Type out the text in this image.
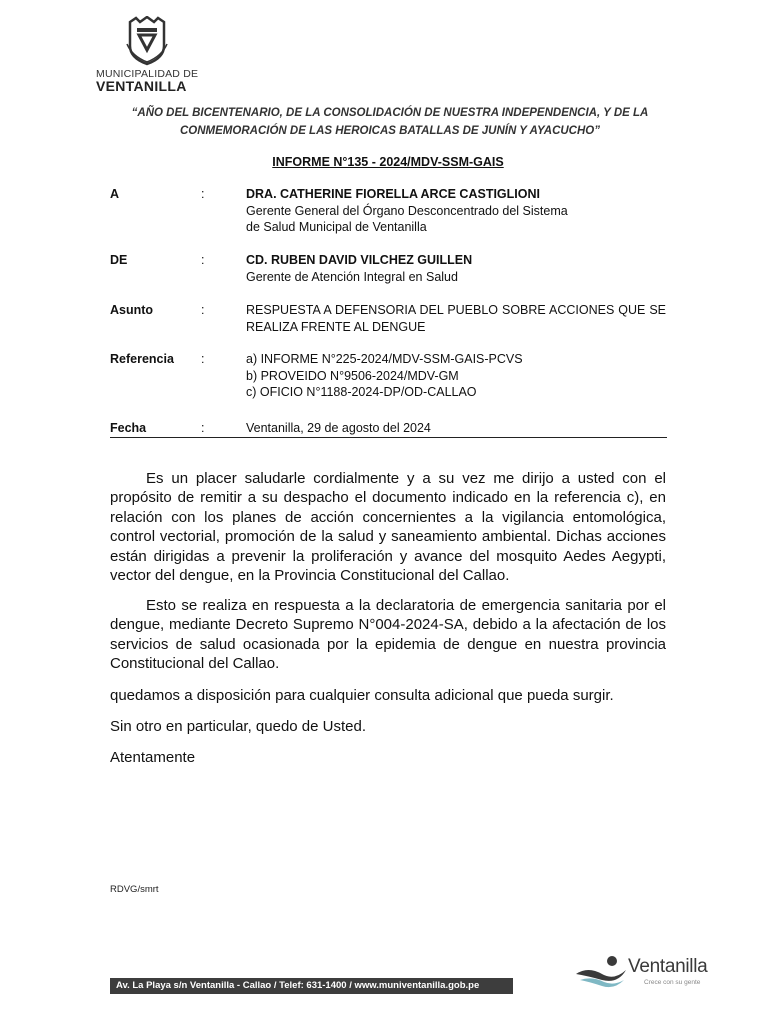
MUNICIPALIDAD DE
VENTANILLA
“AÑO DEL BICENTENARIO, DE LA CONSOLIDACIÓN DE NUESTRA INDEPENDENCIA, Y DE LA
CONMEMORACIÓN DE LAS HEROICAS BATALLAS DE JUNÍN Y AYACUCHO”
INFORME N°135 - 2024/MDV-SSM-GAIS
A	:	DRA. CATHERINE FIORELLA ARCE CASTIGLIONI
Gerente General del Órgano Desconcentrado del Sistema
de Salud Municipal de Ventanilla
DE	:	CD. RUBEN DAVID VILCHEZ GUILLEN
Gerente de Atención Integral en Salud
Asunto	:	RESPUESTA A DEFENSORIA DEL PUEBLO SOBRE ACCIONES QUE SE
REALIZA FRENTE AL DENGUE
Referencia :	a) INFORME N°225-2024/MDV-SSM-GAIS-PCVS
b) PROVEIDO N°9506-2024/MDV-GM
c) OFICIO N°1188-2024-DP/OD-CALLAO
Fecha	:	Ventanilla, 29 de agosto del 2024
Es un placer saludarle cordialmente y a su vez me dirijo a usted con el propósito de remitir a su despacho el documento indicado en la referencia c), en relación con los planes de acción concernientes a la vigilancia entomológica, control vectorial, promoción de la salud y saneamiento ambiental. Dichas acciones están dirigidas a prevenir la proliferación y avance del mosquito Aedes Aegypti, vector del dengue, en la Provincia Constitucional del Callao.
Esto se realiza en respuesta a la declaratoria de emergencia sanitaria por el dengue, mediante Decreto Supremo N°004-2024-SA, debido a la afectación de los servicios de salud ocasionada por la epidemia de dengue en nuestra provincia Constitucional del Callao.
quedamos a disposición para cualquier consulta adicional que pueda surgir.
Sin otro en particular, quedo de Usted.
Atentamente
RDVG/smrt
Av. La Playa s/n Ventanilla - Callao / Telef: 631-1400 / www.muniventanilla.gob.pe
Ventanilla
Crece con su gente
